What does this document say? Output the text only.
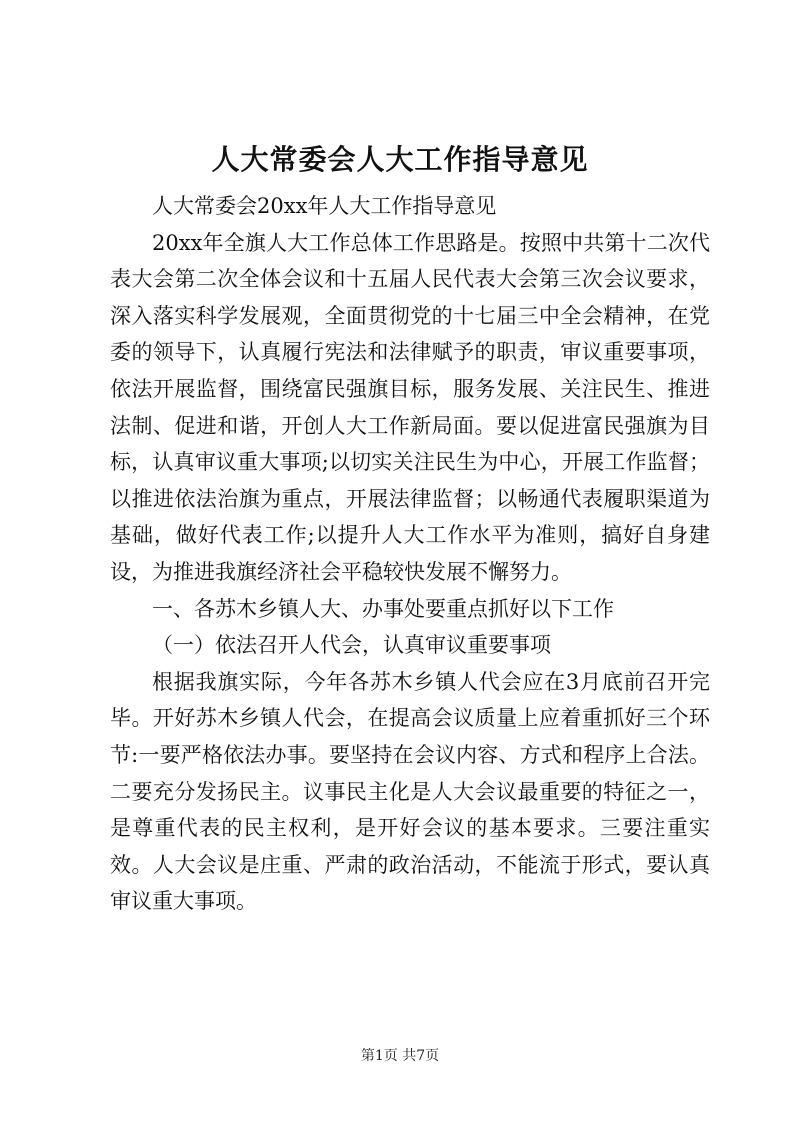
人大常委会人大工作指导意见

人大常委会20xx年人大工作指导意见

20xx年全旗人大工作总体工作思路是。按照中共第十二次代表大会第二次全体会议和十五届人民代表大会第三次会议要求，深入落实科学发展观，全面贯彻党的十七届三中全会精神，在党委的领导下，认真履行宪法和法律赋予的职责，审议重要事项，依法开展监督，围绕富民强旗目标，服务发展、关注民生、推进法制、促进和谐，开创人大工作新局面。要以促进富民强旗为目标，认真审议重大事项;以切实关注民生为中心，开展工作监督；以推进依法治旗为重点，开展法律监督；以畅通代表履职渠道为基础，做好代表工作;以提升人大工作水平为准则，搞好自身建设，为推进我旗经济社会平稳较快发展不懈努力。

一、各苏木乡镇人大、办事处要重点抓好以下工作

（一）依法召开人代会，认真审议重要事项

根据我旗实际，今年各苏木乡镇人代会应在3月底前召开完毕。开好苏木乡镇人代会，在提高会议质量上应着重抓好三个环节:一要严格依法办事。要坚持在会议内容、方式和程序上合法。二要充分发扬民主。议事民主化是人大会议最重要的特征之一，是尊重代表的民主权利，是开好会议的基本要求。三要注重实效。人大会议是庄重、严肃的政治活动，不能流于形式，要认真审议重大事项。

第1页 共7页
